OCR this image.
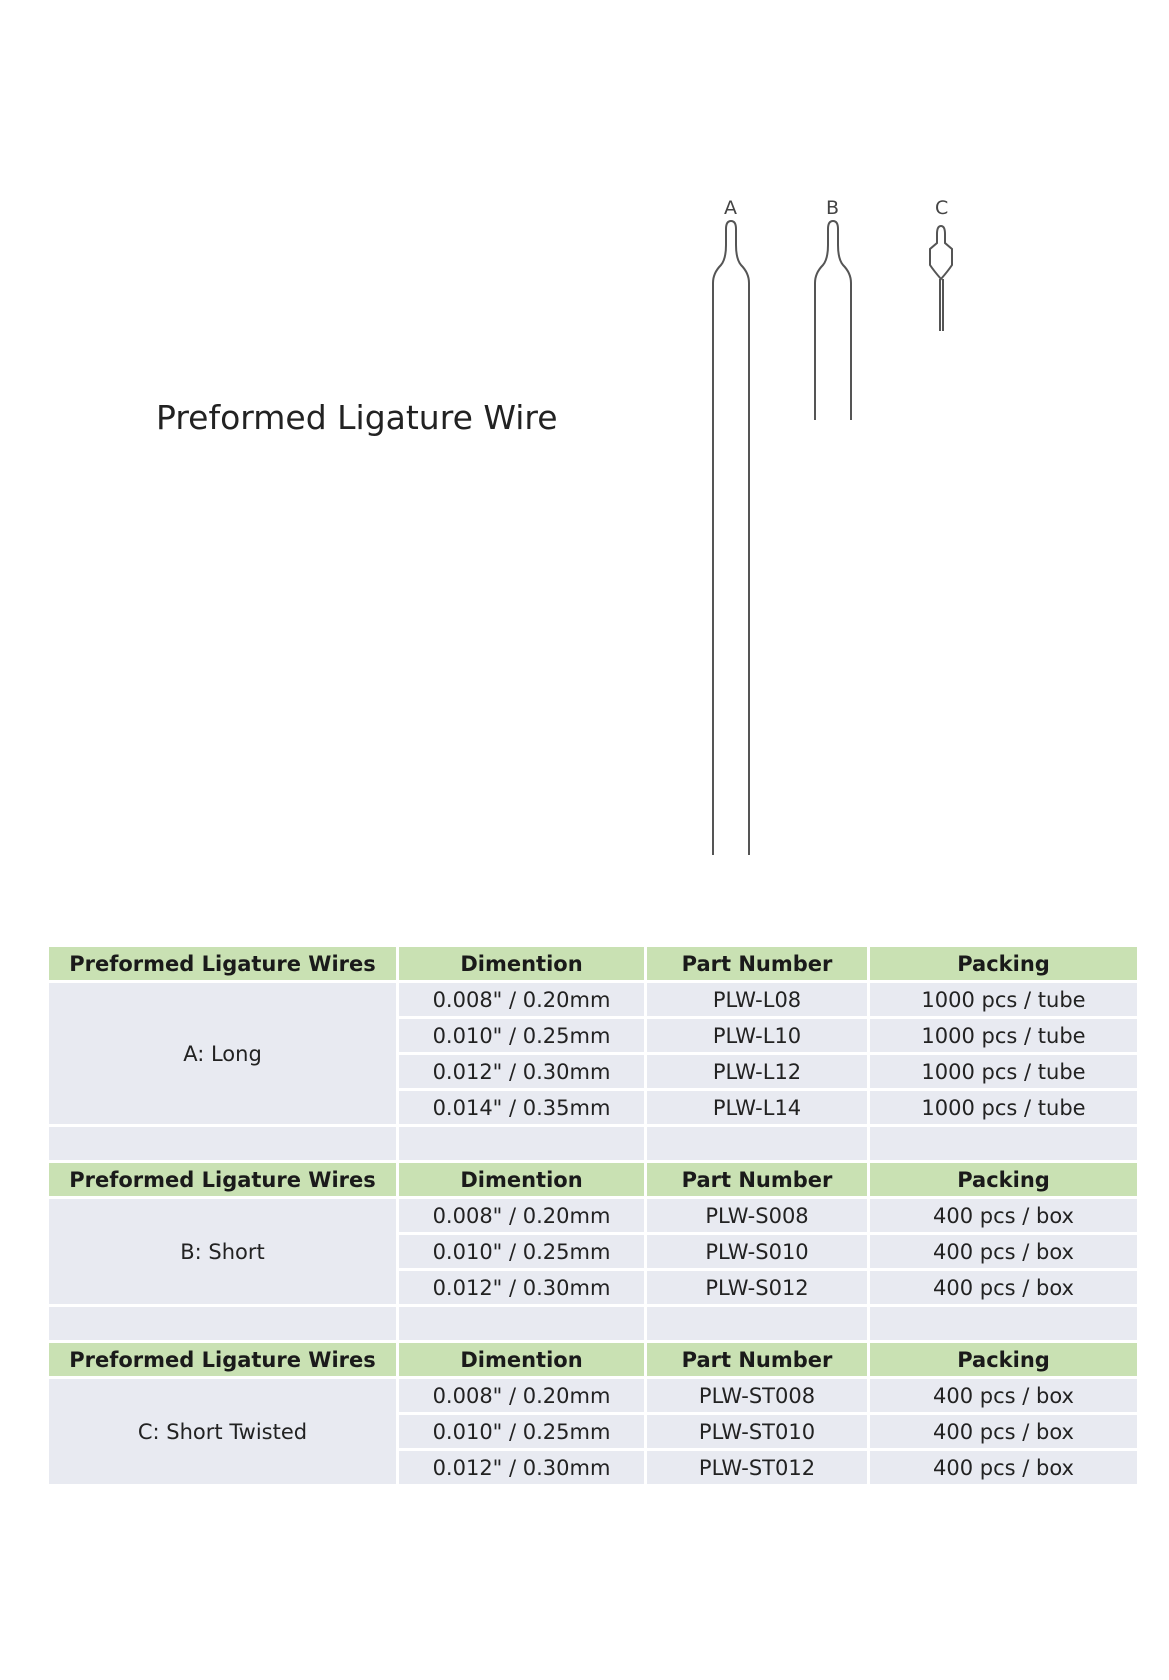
Preformed Ligature Wire
A	B	C
Preformed Ligature Wires	Dimention	Part Number	Packing
A: Long	0.008" / 0.20mm	PLW-L08	1000 pcs / tube
	0.010" / 0.25mm	PLW-L10	1000 pcs / tube
	0.012" / 0.30mm	PLW-L12	1000 pcs / tube
	0.014" / 0.35mm	PLW-L14	1000 pcs / tube

Preformed Ligature Wires	Dimention	Part Number	Packing
B: Short	0.008" / 0.20mm	PLW-S008	400 pcs / box
	0.010" / 0.25mm	PLW-S010	400 pcs / box
	0.012" / 0.30mm	PLW-S012	400 pcs / box

Preformed Ligature Wires	Dimention	Part Number	Packing
C: Short Twisted	0.008" / 0.20mm	PLW-ST008	400 pcs / box
	0.010" / 0.25mm	PLW-ST010	400 pcs / box
	0.012" / 0.30mm	PLW-ST012	400 pcs / box
